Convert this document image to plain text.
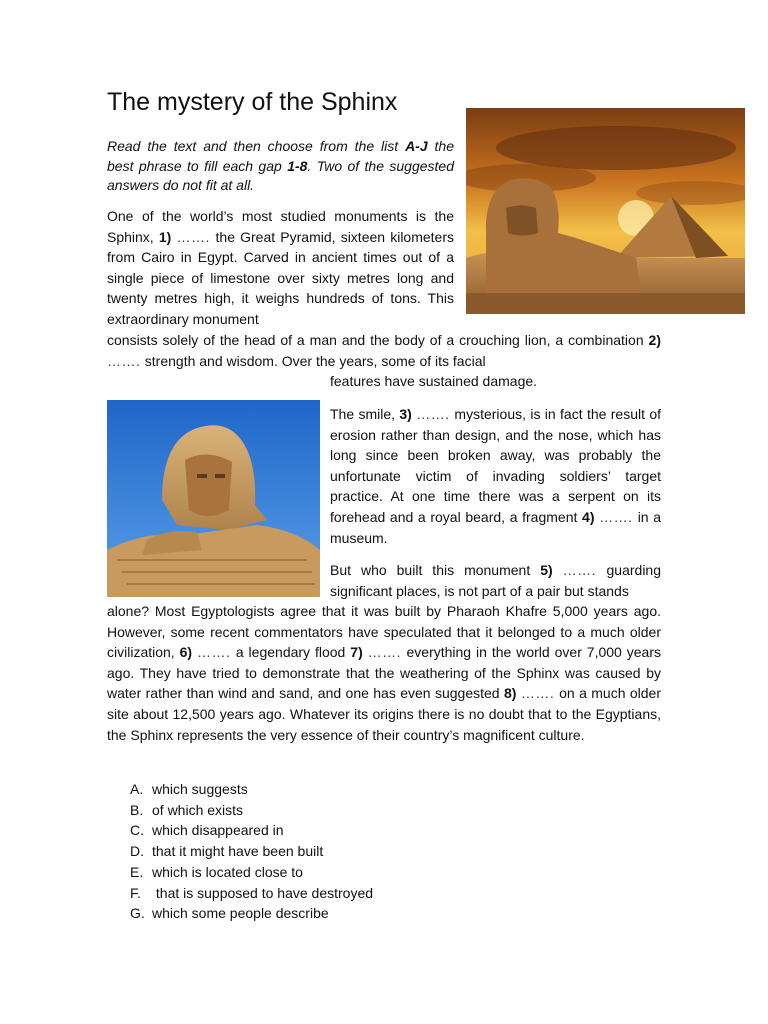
The mystery of the Sphinx

Read the text and then choose from the list A-J the best phrase to fill each gap 1-8. Two of the suggested answers do not fit at all.

One of the world’s most studied monuments is the Sphinx, 1) ……. the Great Pyramid, sixteen kilometers from Cairo in Egypt. Carved in ancient times out of a single piece of limestone over sixty metres long and twenty metres high, it weighs hundreds of tons. This extraordinary monument

consists solely of the head of a man and the body of a crouching lion, a combination 2) ……. strength and wisdom. Over the years, some of its facial

features have sustained damage.

The smile, 3) ……. mysterious, is in fact the result of erosion rather than design, and the nose, which has long since been broken away, was probably the unfortunate victim of invading soldiers’ target practice. At one time there was a serpent on its forehead and a royal beard, a fragment 4) ……. in a museum.

But who built this monument 5) ……. guarding significant places, is not part of a pair but stands

alone? Most Egyptologists agree that it was built by Pharaoh Khafre 5,000 years ago. However, some recent commentators have speculated that it belonged to a much older civilization, 6) ……. a legendary flood 7) ……. everything in the world over 7,000 years ago. They have tried to demonstrate that the weathering of the Sphinx was caused by water rather than wind and sand, and one has even suggested 8) ……. on a much older site about 12,500 years ago. Whatever its origins there is no doubt that to the Egyptians, the Sphinx represents the very essence of their country’s magnificent culture.

A. which suggests
B. of which exists
C. which disappeared in
D. that it might have been built
E. which is located close to
F. that is supposed to have destroyed
G. which some people describe
